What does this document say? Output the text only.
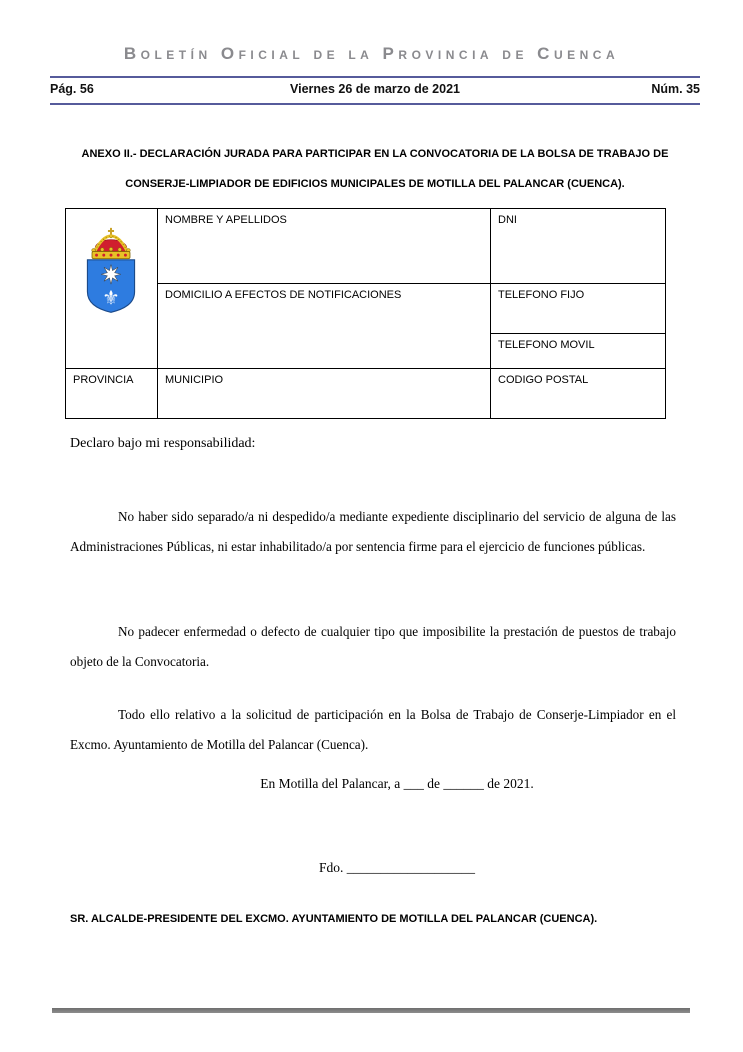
Boletín Oficial de la Provincia de Cuenca
Viernes 26 de marzo de 2021
Pág. 56	Núm. 35
ANEXO II.- DECLARACIÓN JURADA PARA PARTICIPAR EN LA CONVOCATORIA DE LA BOLSA DE TRABAJO DE
CONSERJE-LIMPIADOR DE EDIFICIOS MUNICIPALES DE MOTILLA DEL PALANCAR (CUENCA).
⚜	NOMBRE Y APELLIDOS	DNI
	DOMICILIO A EFECTOS DE NOTIFICACIONES	TELEFONO FIJO
		TELEFONO MOVIL
PROVINCIA	MUNICIPIO	CODIGO POSTAL
Declaro bajo mi responsabilidad:

No haber sido separado/a ni despedido/a mediante expediente disciplinario del servicio de alguna de las Administraciones Públicas, ni estar inhabilitado/a por sentencia firme para el ejercicio de funciones públicas.

No padecer enfermedad o defecto de cualquier tipo que imposibilite la prestación de puestos de trabajo objeto de la Convocatoria.

Todo ello relativo a la solicitud de participación en la Bolsa de Trabajo de Conserje-Limpiador en el Excmo. Ayuntamiento de Motilla del Palancar (Cuenca).

En Motilla del Palancar, a ___ de ______ de 2021.
Fdo. ___________________
SR. ALCALDE-PRESIDENTE DEL EXCMO. AYUNTAMIENTO DE MOTILLA DEL PALANCAR (CUENCA).
